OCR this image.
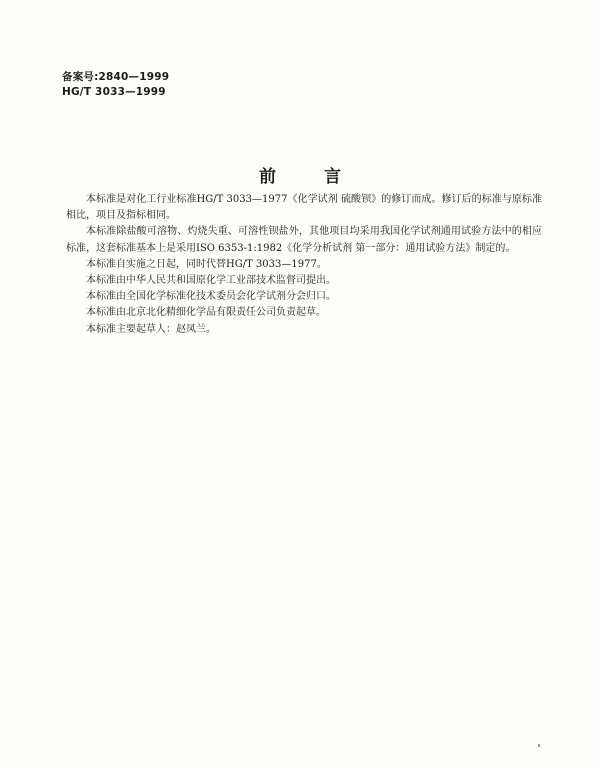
备案号:2840—1999
HG/T 3033—1999
前言

本标准是对化工行业标准HG/T 3033—1977《化学试剂 硫酸钡》的修订而成。修订后的标准与原标准相比，项目及指标相同。

本标准除盐酸可溶物、灼烧失重、可溶性钡盐外，其他项目均采用我国化学试剂通用试验方法中的相应标准，这套标准基本上是采用ISO 6353-1:1982《化学分析试剂 第一部分：通用试验方法》制定的。

本标准自实施之日起，同时代替HG/T 3033—1977。

本标准由中华人民共和国原化学工业部技术监督司提出。

本标准由全国化学标准化技术委员会化学试剂分会归口。

本标准由北京北化精细化学品有限责任公司负责起草。

本标准主要起草人：赵凤兰。
